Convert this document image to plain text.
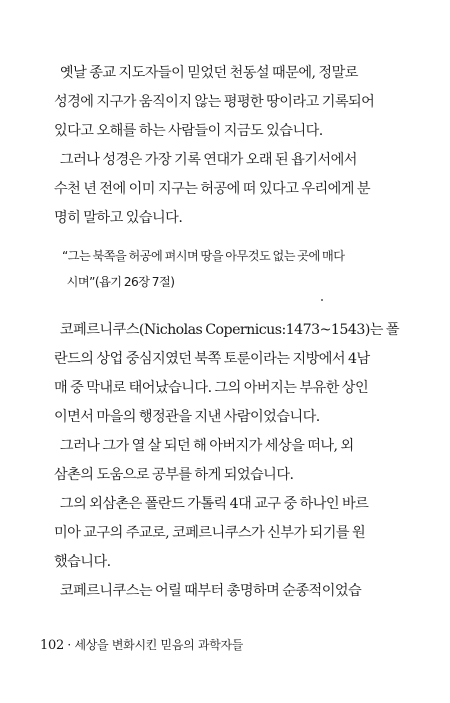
옛날 종교 지도자들이 믿었던 천동설 때문에, 정말로
성경에 지구가 움직이지 않는 평평한 땅이라고 기록되어
있다고 오해를 하는 사람들이 지금도 있습니다.
그러나 성경은 가장 기록 연대가 오래 된 욥기서에서
수천 년 전에 이미 지구는 허공에 떠 있다고 우리에게 분
명히 말하고 있습니다.
“그는 북쪽을 허공에 펴시며 땅을 아무것도 없는 곳에 매다
시며”(욥기 26장 7절)
코페르니쿠스(Nicholas Copernicus:1473~1543)는 폴
란드의 상업 중심지였던 북쪽 토룬이라는 지방에서 4남
매 중 막내로 태어났습니다. 그의 아버지는 부유한 상인
이면서 마을의 행정관을 지낸 사람이었습니다.
그러나 그가 열 살 되던 해 아버지가 세상을 떠나, 외
삼촌의 도움으로 공부를 하게 되었습니다.
그의 외삼촌은 폴란드 가톨릭 4대 교구 중 하나인 바르
미아 교구의 주교로, 코페르니쿠스가 신부가 되기를 원
했습니다.
코페르니쿠스는 어릴 때부터 총명하며 순종적이었습
102 · 세상을 변화시킨 믿음의 과학자들
